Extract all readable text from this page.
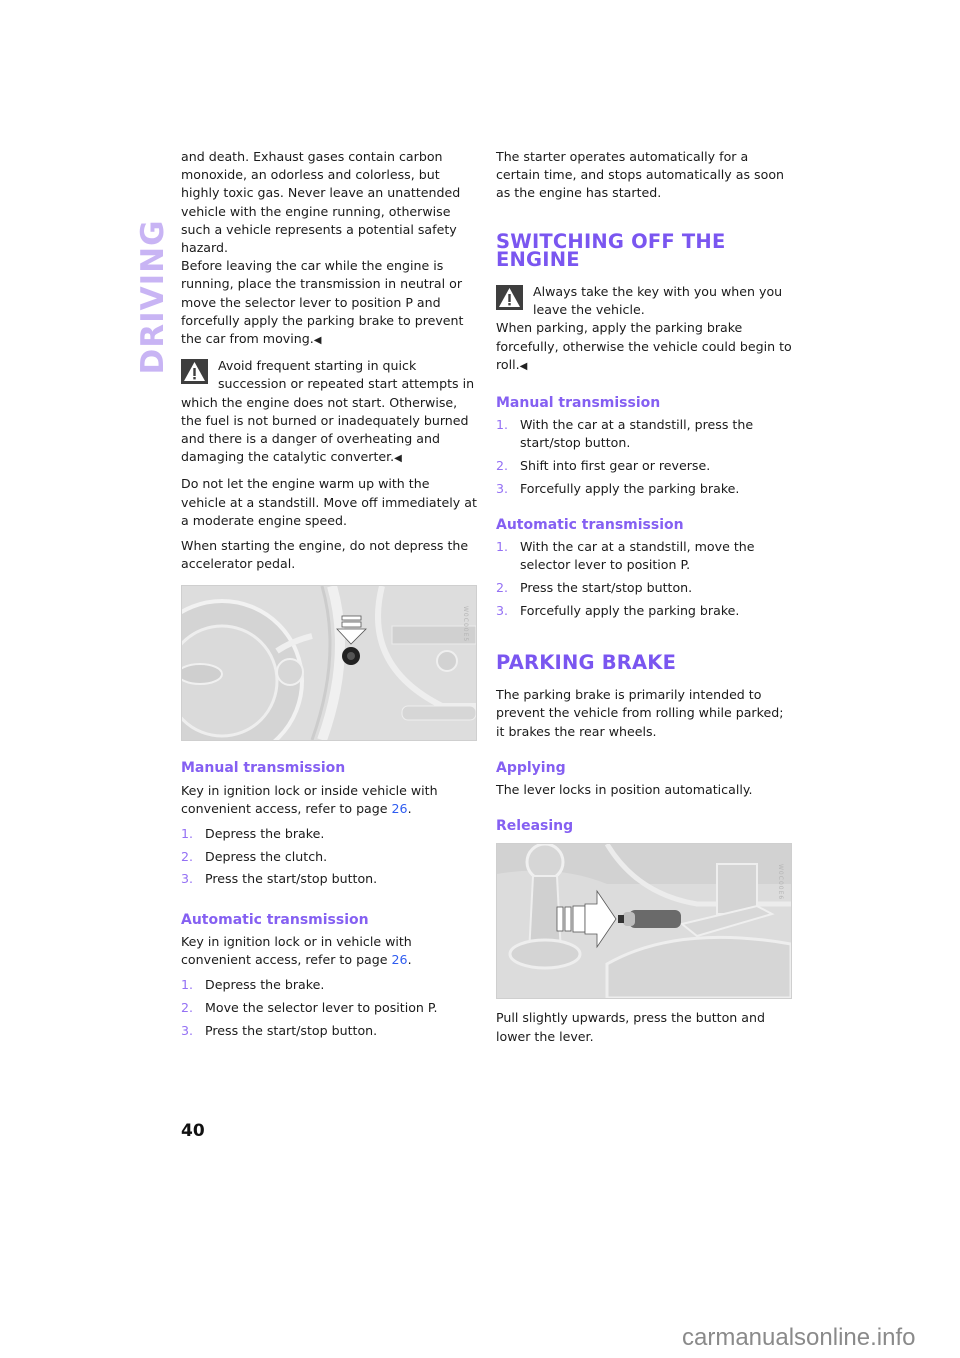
DRIVING

and death. Exhaust gases contain carbon monoxide, an odorless and colorless, but highly toxic gas. Never leave an unattended vehicle with the engine running, otherwise such a vehicle represents a potential safety hazard.

Before leaving the car while the engine is running, place the transmission in neutral or move the selector lever to position P and forcefully apply the parking brake to prevent the car from moving.◀

Avoid frequent starting in quick succession or repeated start attempts in which the engine does not start. Otherwise, the fuel is not burned or inadequately burned and there is a danger of overheating and damaging the catalytic converter.◀

Do not let the engine warm up with the vehicle at a standstill. Move off immediately at a moderate engine speed.

When starting the engine, do not depress the accelerator pedal.

W0C00E5
Manual transmission

Key in ignition lock or inside vehicle with convenient access, refer to page 26.

1. Depress the brake.
2. Depress the clutch.
3. Press the start/stop button.
Automatic transmission

Key in ignition lock or in vehicle with convenient access, refer to page 26.

1. Depress the brake.
2. Move the selector lever to position P.
3. Press the start/stop button.

The starter operates automatically for a certain time, and stops automatically as soon as the engine has started.

SWITCHING OFF THE ENGINE

Always take the key with you when you leave the vehicle.

When parking, apply the parking brake forcefully, otherwise the vehicle could begin to roll.◀

Manual transmission
1. With the car at a standstill, press the start/stop button.
2. Shift into first gear or reverse.
3. Forcefully apply the parking brake.
Automatic transmission
1. With the car at a standstill, move the selector lever to position P.
2. Press the start/stop button.
3. Forcefully apply the parking brake.
PARKING BRAKE

The parking brake is primarily intended to prevent the vehicle from rolling while parked; it brakes the rear wheels.

Applying

The lever locks in position automatically.

Releasing
W0C00E6

Pull slightly upwards, press the button and lower the lever.

40
carmanualsonline.info
